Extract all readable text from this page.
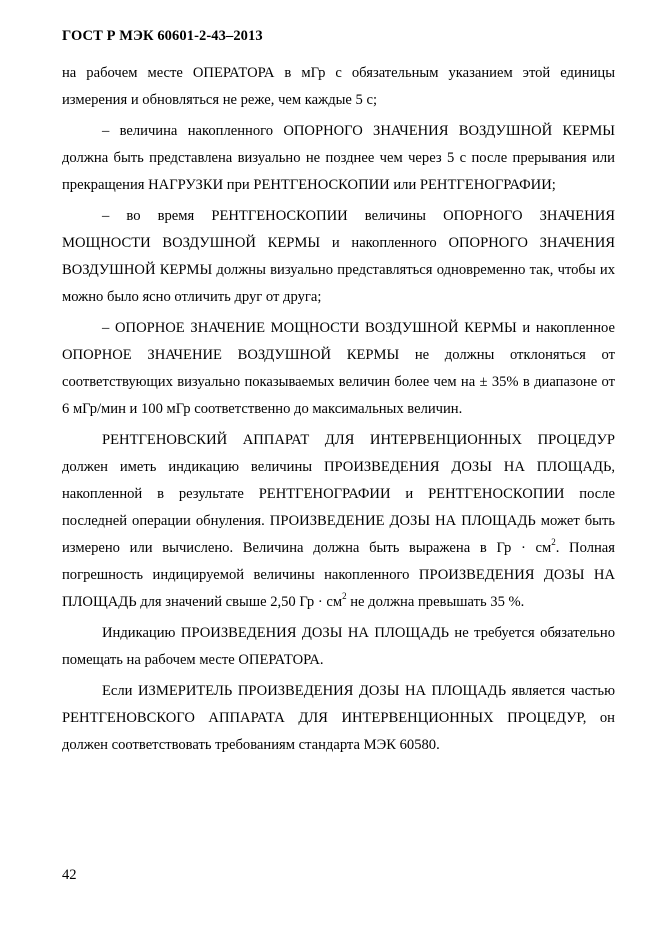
ГОСТ Р МЭК 60601-2-43–2013

на рабочем месте ОПЕРАТОРА в мГр с обязательным указанием этой единицы измерения и обновляться не реже, чем каждые 5 с;

– величина накопленного ОПОРНОГО ЗНАЧЕНИЯ ВОЗДУШНОЙ КЕРМЫ должна быть представлена визуально не позднее чем через 5 с после прерывания или прекращения НАГРУЗКИ при РЕНТГЕНОСКОПИИ или РЕНТГЕНОГРАФИИ;

– во время РЕНТГЕНОСКОПИИ величины ОПОРНОГО ЗНАЧЕНИЯ МОЩНОСТИ ВОЗДУШНОЙ КЕРМЫ и накопленного ОПОРНОГО ЗНАЧЕНИЯ ВОЗДУШНОЙ КЕРМЫ должны визуально представляться одновременно так, чтобы их можно было ясно отличить друг от друга;

– ОПОРНОЕ ЗНАЧЕНИЕ МОЩНОСТИ ВОЗДУШНОЙ КЕРМЫ и накопленное ОПОРНОЕ ЗНАЧЕНИЕ ВОЗДУШНОЙ КЕРМЫ не должны отклоняться от соответствующих визуально показываемых величин более чем на ± 35% в диапазоне от 6 мГр/мин и 100 мГр соответственно до максимальных величин.

РЕНТГЕНОВСКИЙ АППАРАТ ДЛЯ ИНТЕРВЕНЦИОННЫХ ПРОЦЕДУР должен иметь индикацию величины ПРОИЗВЕДЕНИЯ ДОЗЫ НА ПЛОЩАДЬ, накопленной в результате РЕНТГЕНОГРАФИИ и РЕНТГЕНОСКОПИИ после последней операции обнуления. ПРОИЗВЕДЕНИЕ ДОЗЫ НА ПЛОЩАДЬ может быть измерено или вычислено. Величина должна быть выражена в Гр · $см^2$. Полная погрешность индицируемой величины накопленного ПРОИЗВЕДЕНИЯ ДОЗЫ НА ПЛОЩАДЬ для значений свыше 2,50 Гр · $см^2$ не должна превышать 35 %.

Индикацию ПРОИЗВЕДЕНИЯ ДОЗЫ НА ПЛОЩАДЬ не требуется обязательно помещать на рабочем месте ОПЕРАТОРА.

Если ИЗМЕРИТЕЛЬ ПРОИЗВЕДЕНИЯ ДОЗЫ НА ПЛОЩАДЬ является частью РЕНТГЕНОВСКОГО АППАРАТА ДЛЯ ИНТЕРВЕНЦИОННЫХ ПРОЦЕДУР, он должен соответствовать требованиям стандарта МЭК 60580.

42
